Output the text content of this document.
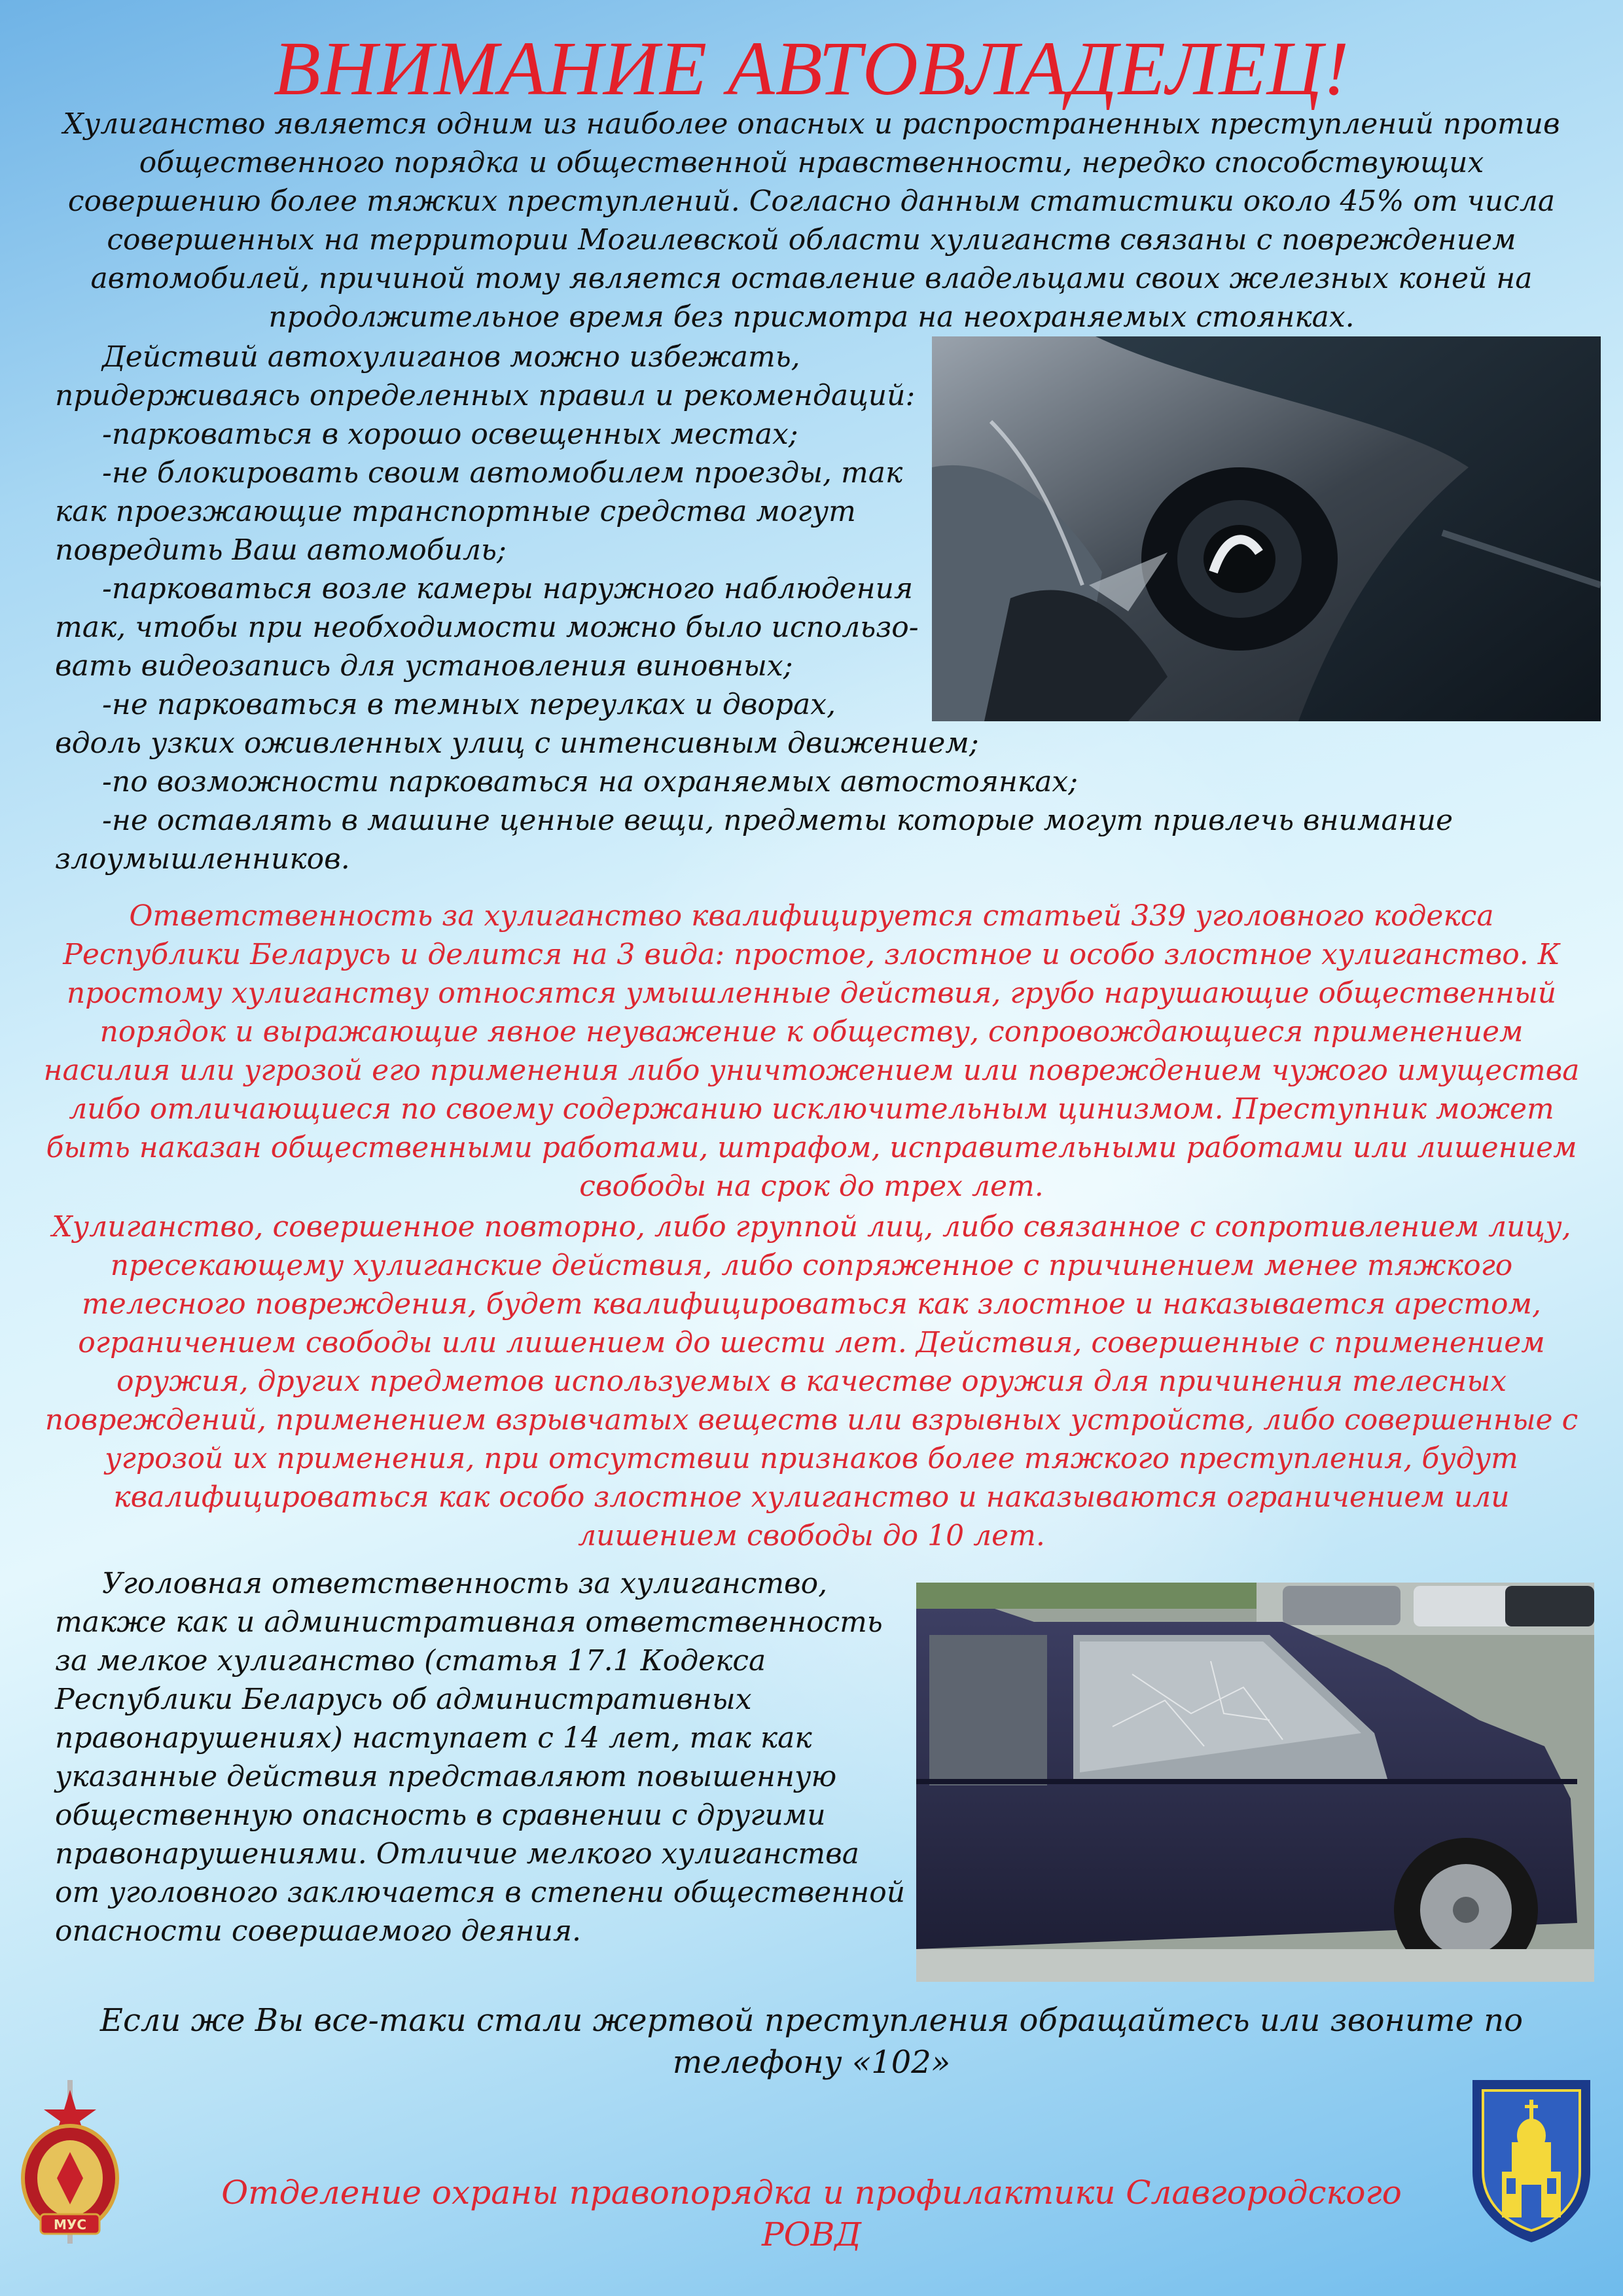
ВНИМАНИЕ АВТОВЛАДЕЛЕЦ!
Хулиганство является одним из наиболее опасных и распространенных преступлений против общественного порядка и общественной нравственности, нередко способствующих совершению более тяжких преступлений. Согласно данным статистики около 45% от числа совершенных на территории Могилевской области хулиганств связаны с повреждением автомобилей, причиной тому является оставление владельцами своих железных коней на продолжительное время без присмотра на неохраняемых стоянках.
Действий автохулиганов можно избежать,
придерживаясь определенных правил и рекомендаций:
-парковаться в хорошо освещенных местах;
-не блокировать своим автомобилем проезды, так
как проезжающие транспортные средства могут
повредить Ваш автомобиль;
-парковаться возле камеры наружного наблюдения
так, чтобы при необходимости можно было использо-
вать видеозапись для установления виновных;
-не парковаться в темных переулках и дворах,
вдоль узких оживленных улиц с интенсивным движением;
-по возможности парковаться на охраняемых автостоянках;
-не оставлять в машине ценные вещи, предметы которые могут привлечь внимание
злоумышленников.
Ответственность за хулиганство квалифицируется статьей 339 уголовного кодекса Республики Беларусь и делится на 3 вида: простое, злостное и особо злостное хулиганство. К простому хулиганству относятся умышленные действия, грубо нарушающие общественный порядок и выражающие явное неуважение к обществу, сопровождающиеся применением насилия или угрозой его применения либо уничтожением или повреждением чужого имущества либо отличающиеся по своему содержанию исключительным цинизмом. Преступник может быть наказан общественными работами, штрафом, исправительными работами или лишением свободы на срок до трех лет.
Хулиганство, совершенное повторно, либо группой лиц, либо связанное с сопротивлением лицу, пресекающему хулиганские действия, либо сопряженное с причинением менее тяжкого телесного повреждения, будет квалифицироваться как злостное и наказывается арестом, ограничением свободы или лишением до шести лет. Действия, совершенные с применением оружия, других предметов используемых в качестве оружия для причинения телесных повреждений, применением взрывчатых веществ или взрывных устройств, либо совершенные с угрозой их применения, при отсутствии признаков более тяжкого преступления, будут квалифицироваться как особо злостное хулиганство и наказываются ограничением или лишением свободы до 10 лет.
Уголовная ответственность за хулиганство,
также как и административная ответственность
за мелкое хулиганство (статья 17.1 Кодекса
Республики Беларусь об административных
правонарушениях) наступает с 14 лет, так как
указанные действия представляют повышенную
общественную опасность в сравнении с другими
правонарушениями. Отличие мелкого хулиганства
от уголовного заключается в степени общественной
опасности совершаемого деяния.
Если же Вы все-таки стали жертвой преступления обращайтесь или звоните по телефону «102»
МУС
Отделение охраны правопорядка и профилактики Славгородского РОВД
